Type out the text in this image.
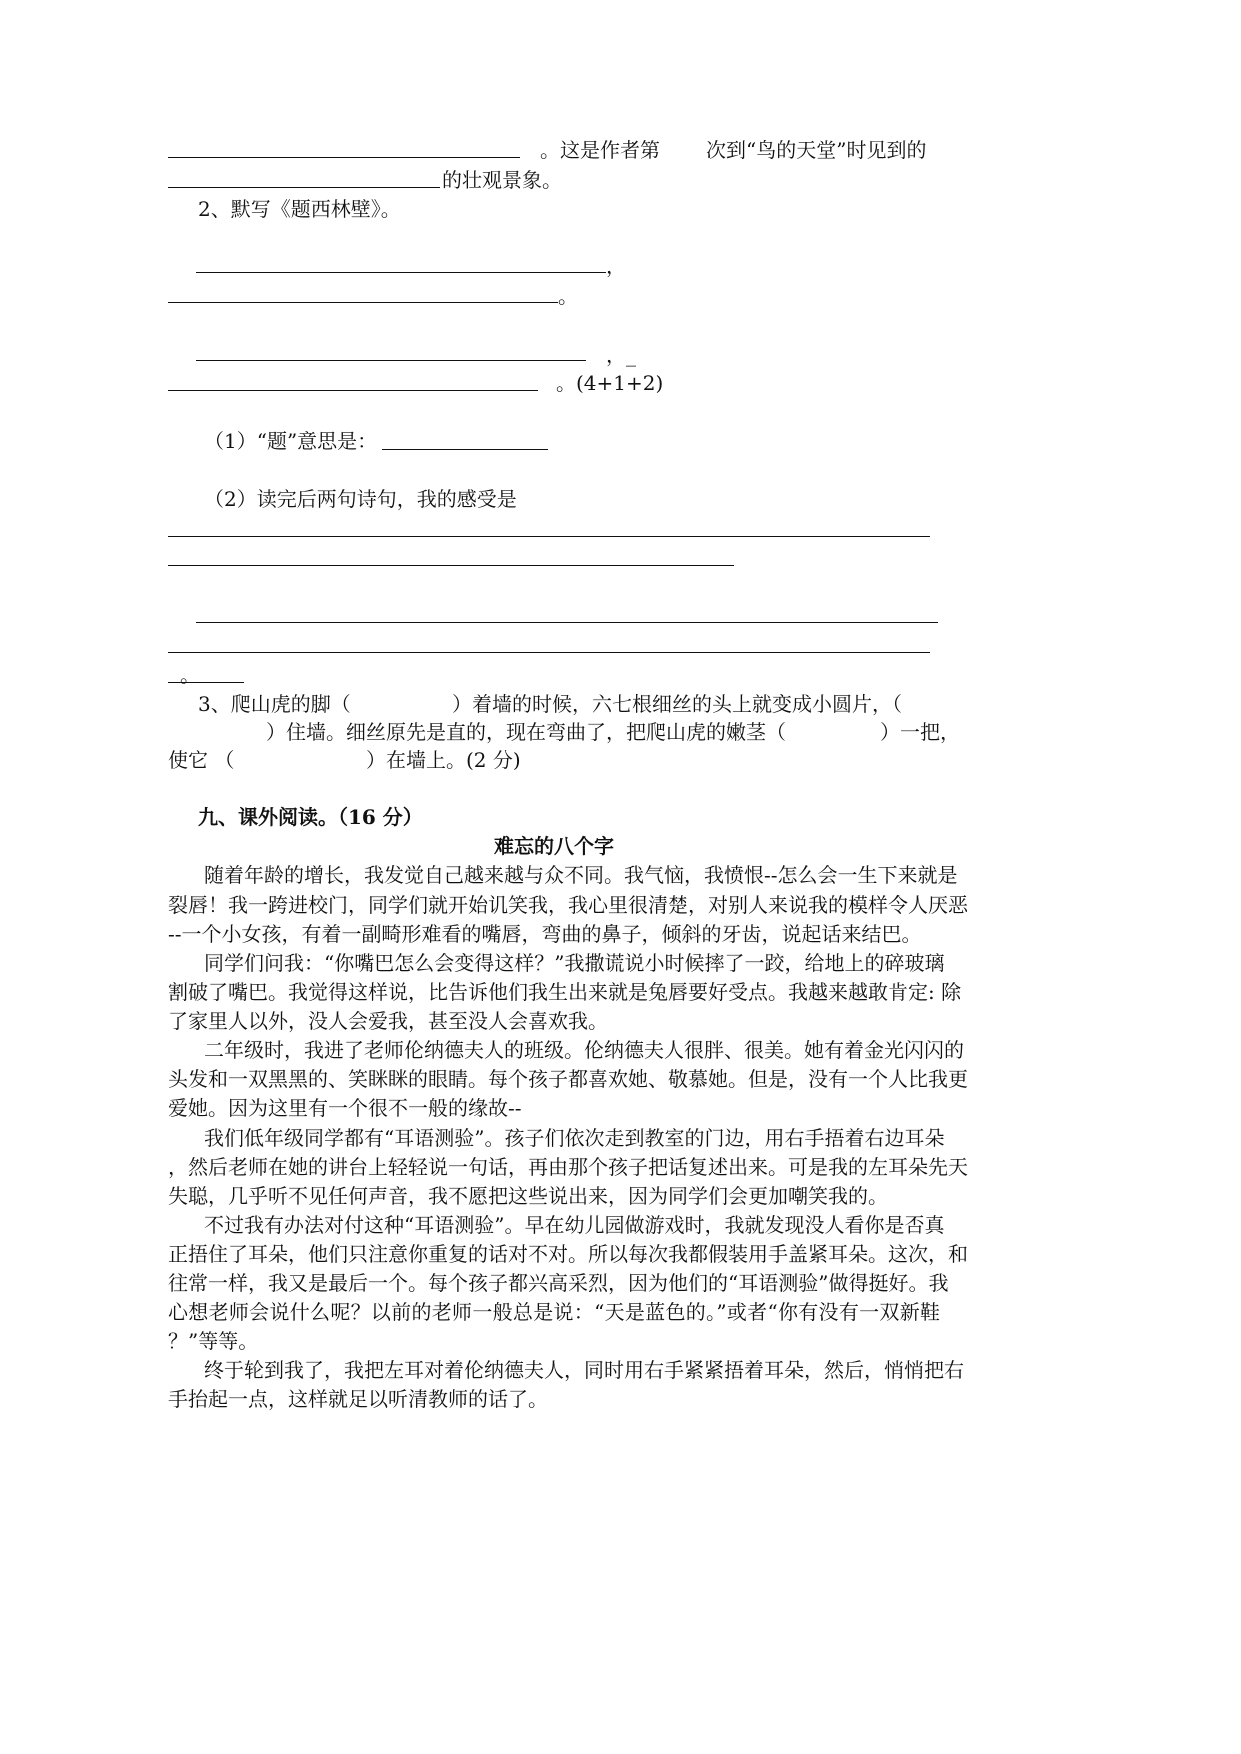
。这是作者第 次到“鸟的天堂”时见到的
的壮观景象。
2、默写《题西林壁》。
，
。
，_
。(4+1+2)
（1）“题”意思是：
（2）读完后两句诗句，我的感受是
。
3、爬山虎的脚（	）着墙的时候，六七根细丝的头上就变成小圆片，（
）住墙。细丝原先是直的，现在弯曲了，把爬山虎的嫩茎（	）一把，
使它 （	）在墙上。(2 分)
九、课外阅读。（16 分）
难忘的八个字
随着年龄的增长，我发觉自己越来越与众不同。我气恼，我愤恨--怎么会一生下来就是
裂唇！我一跨进校门，同学们就开始讥笑我，我心里很清楚，对别人来说我的模样令人厌恶
--一个小女孩，有着一副畸形难看的嘴唇，弯曲的鼻子，倾斜的牙齿，说起话来结巴。
同学们问我：“你嘴巴怎么会变得这样？”我撒谎说小时候摔了一跤，给地上的碎玻璃
割破了嘴巴。我觉得这样说，比告诉他们我生出来就是兔唇要好受点。我越来越敢肯定: 除
了家里人以外，没人会爱我，甚至没人会喜欢我。
二年级时，我进了老师伦纳德夫人的班级。伦纳德夫人很胖、很美。她有着金光闪闪的
头发和一双黑黑的、笑眯眯的眼睛。每个孩子都喜欢她、敬慕她。但是，没有一个人比我更
爱她。因为这里有一个很不一般的缘故--
我们低年级同学都有“耳语测验”。孩子们依次走到教室的门边，用右手捂着右边耳朵
，然后老师在她的讲台上轻轻说一句话，再由那个孩子把话复述出来。可是我的左耳朵先天
失聪，几乎听不见任何声音，我不愿把这些说出来，因为同学们会更加嘲笑我的。
不过我有办法对付这种“耳语测验”。早在幼儿园做游戏时，我就发现没人看你是否真
正捂住了耳朵，他们只注意你重复的话对不对。所以每次我都假装用手盖紧耳朵。这次，和
往常一样，我又是最后一个。每个孩子都兴高采烈，因为他们的“耳语测验”做得挺好。我
心想老师会说什么呢？以前的老师一般总是说：“天是蓝色的。”或者“你有没有一双新鞋
？”等等。
终于轮到我了，我把左耳对着伦纳德夫人，同时用右手紧紧捂着耳朵，然后，悄悄把右
手抬起一点，这样就足以听清教师的话了。
